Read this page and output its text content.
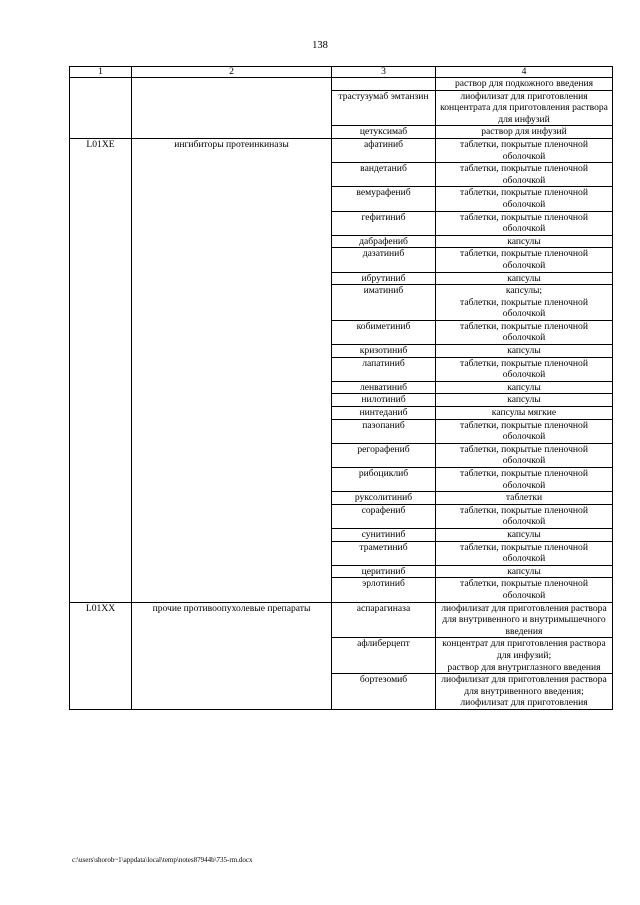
138
1	2	3	4
			раствор для подкожного введения
		трастузумаб эмтанзин	лиофилизат для приготовления концентрата для приготовления раствора для инфузий
		цетуксимаб	раствор для инфузий
L01XE	ингибиторы протеинкиназы	афатиниб	таблетки, покрытые пленочной оболочкой
		вандетаниб	таблетки, покрытые пленочной оболочкой
		вемурафениб	таблетки, покрытые пленочной оболочкой
		гефитиниб	таблетки, покрытые пленочной оболочкой
		дабрафениб	капсулы
		дазатиниб	таблетки, покрытые пленочной оболочкой
		ибрутиниб	капсулы
		иматиниб	капсулы;
таблетки, покрытые пленочной оболочкой
		кобиметиниб	таблетки, покрытые пленочной оболочкой
		кризотиниб	капсулы
		лапатиниб	таблетки, покрытые пленочной оболочкой
		ленватиниб	капсулы
		нилотиниб	капсулы
		нинтеданиб	капсулы мягкие
		пазопаниб	таблетки, покрытые пленочной оболочкой
		регорафениб	таблетки, покрытые пленочной оболочкой
		рибоциклиб	таблетки, покрытые пленочной оболочкой
		руксолитиниб	таблетки
		сорафениб	таблетки, покрытые пленочной оболочкой
		сунитиниб	капсулы
		траметиниб	таблетки, покрытые пленочной оболочкой
		церитиниб	капсулы
		эрлотиниб	таблетки, покрытые пленочной оболочкой
L01XX	прочие противоопухолевые препараты	аспарагиназа	лиофилизат для приготовления раствора для внутривенного и внутримышечного введения
		афлиберцепт	концентрат для приготовления раствора для инфузий;
раствор для внутриглазного введения
		бортезомиб	лиофилизат для приготовления раствора для внутривенного введения;
лиофилизат для приготовления
c:\users\shorob~1\appdata\local\temp\notes87944b\735-rm.docx
